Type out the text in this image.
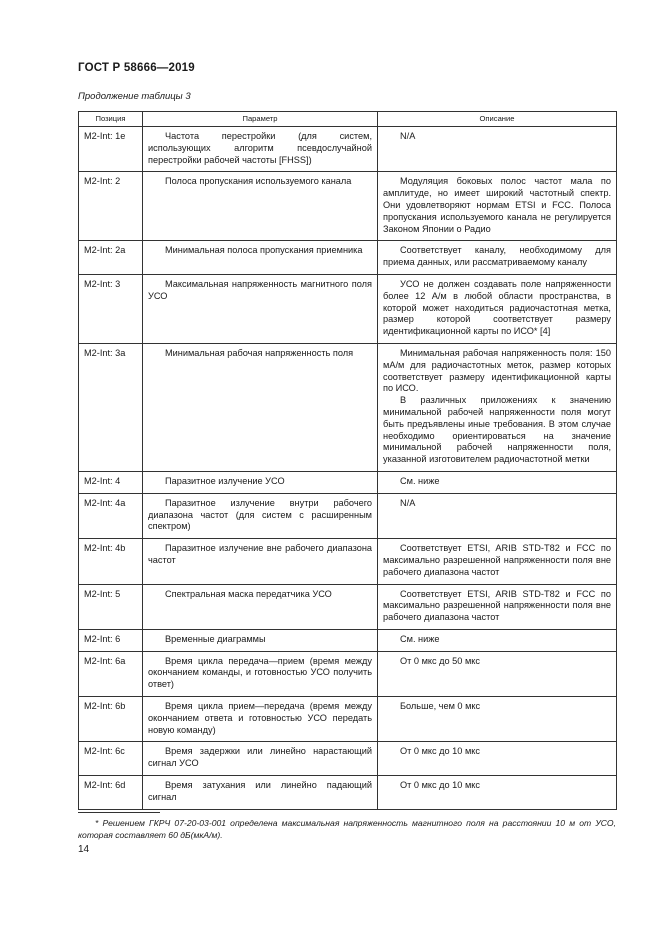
ГОСТ Р 58666—2019
Продолжение таблицы 3
Позиция	Параметр	Описание
M2-Int: 1e	Частота перестройки (для систем, использующих алгоритм псевдослучайной перестройки рабочей частоты [FHSS])	N/A

M2-Int: 2	Полоса пропускания используемого канала	Модуляция боковых полос частот мала по амплитуде, но имеет широкий частотный спектр. Они удовлетворяют нормам ETSI и FCC. Полоса пропускания используемого канала не регулируется Законом Японии о Радио

M2-Int: 2a	Минимальная полоса пропускания приемника	Соответствует каналу, необходимому для приема данных, или рассматриваемому каналу

M2-Int: 3	Максимальная напряженность магнитного поля УСО	УСО не должен создавать поле напряженности более 12 А/м в любой области пространства, в которой может находиться радиочастотная метка, размер которой соответствует размеру идентификационной карты по ИСО* [4]

M2-Int: 3a	Минимальная рабочая напряженность поля	Минимальная рабочая напряженность поля: 150 мА/м для радиочастотных меток, размер которых соответствует размеру идентификационной карты по ИСО.
В различных приложениях к значению минимальной рабочей напряженности поля могут быть предъявлены иные требования. В этом случае необходимо ориентироваться на значение минимальной рабочей напряженности поля, указанной изготовителем радиочастотной метки

M2-Int: 4	Паразитное излучение УСО	См. ниже

M2-Int: 4a	Паразитное излучение внутри рабочего диапазона частот (для систем с расширенным спектром)	N/A

M2-Int: 4b	Паразитное излучение вне рабочего диапазона частот	Соответствует ETSI, ARIB STD-T82 и FCC по максимально разрешенной напряженности поля вне рабочего диапазона частот

M2-Int: 5	Спектральная маска передатчика УСО	Соответствует ETSI, ARIB STD-T82 и FCC по максимально разрешенной напряженности поля вне рабочего диапазона частот

M2-Int: 6	Временные диаграммы	См. ниже

M2-Int: 6a	Время цикла передача—прием (время между окончанием команды, и готовностью УСО получить ответ)	От 0 мкс до 50 мкс

M2-Int: 6b	Время цикла прием—передача (время между окончанием ответа и готовностью УСО передать новую команду)	Больше, чем 0 мкс

M2-Int: 6c	Время задержки или линейно нарастающий сигнал УСО	От 0 мкс до 10 мкс

M2-Int: 6d	Время затухания или линейно падающий сигнал	От 0 мкс до 10 мкс
* Решением ГКРЧ 07-20-03-001 определена максимальная напряженность магнитного поля на расстоянии 10 м от УСО, которая составляет 60 дБ(мкА/м).
14
